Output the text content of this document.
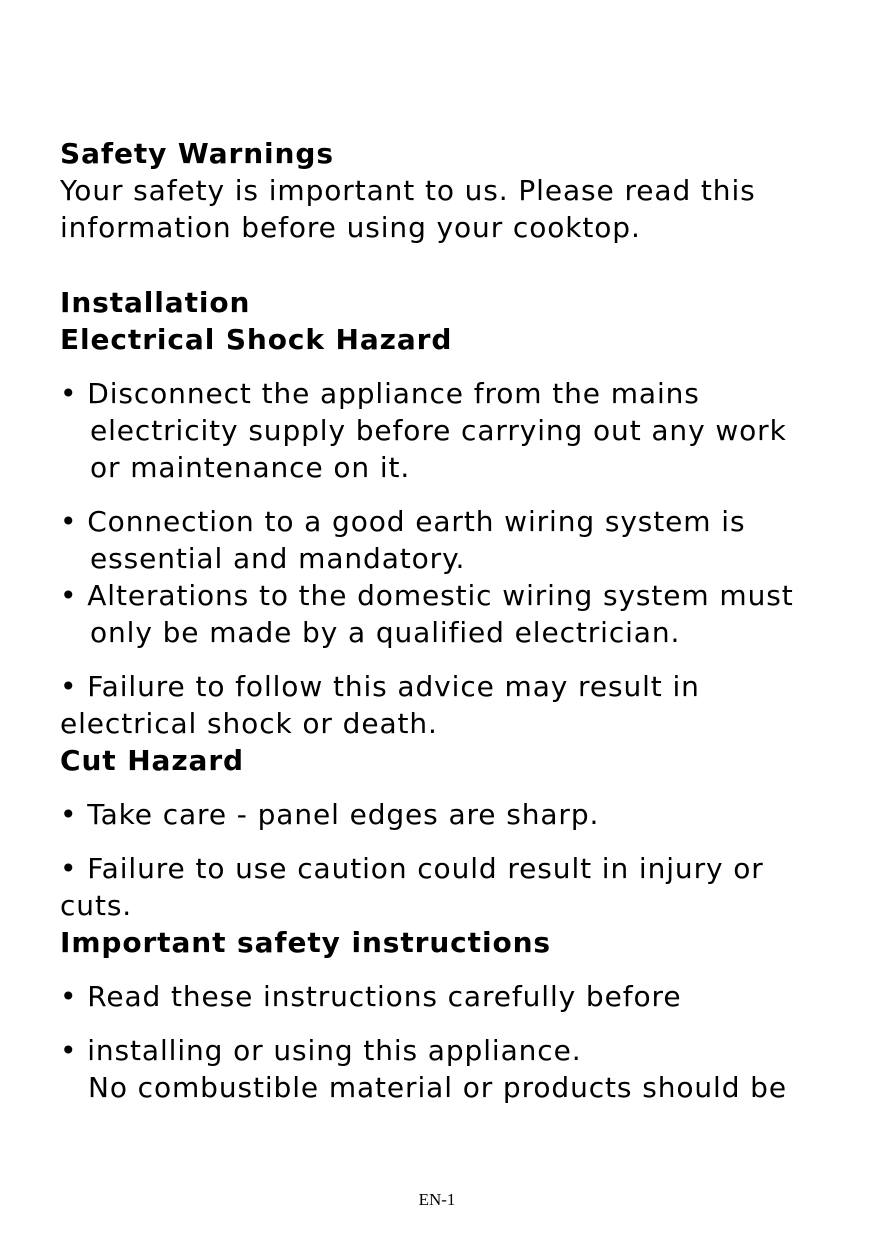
Safety Warnings
Your safety is important to us. Please read this
information before using your cooktop.
Installation
Electrical Shock Hazard
• Disconnect the appliance from the mains
electricity supply before carrying out any work
or maintenance on it.
• Connection to a good earth wiring system is
essential and mandatory.
• Alterations to the domestic wiring system must
only be made by a qualified electrician.
• Failure to follow this advice may result in
electrical shock or death.
Cut Hazard
• Take care - panel edges are sharp.
• Failure to use caution could result in injury or
cuts.
Important safety instructions
• Read these instructions carefully before
• installing or using this appliance.
No combustible material or products should be
EN-1
